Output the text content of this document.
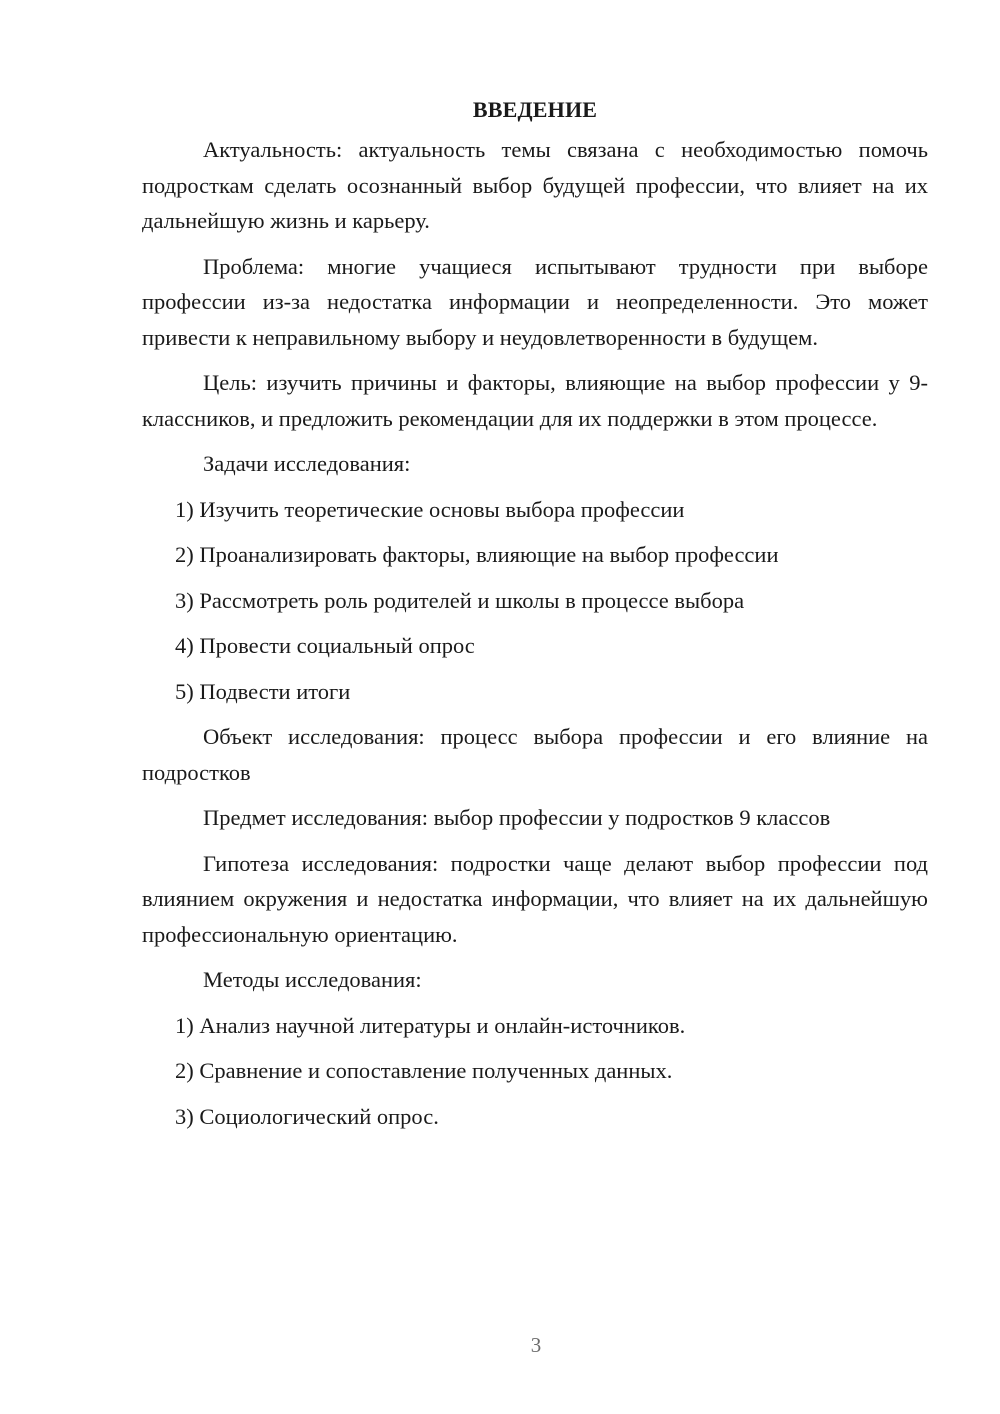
ВВЕДЕНИЕ

Актуальность: актуальность темы связана с необходимостью помочь подросткам сделать осознанный выбор будущей профессии, что влияет на их дальнейшую жизнь и карьеру.

Проблема: многие учащиеся испытывают трудности при выборе профессии из-за недостатка информации и неопределенности. Это может привести к неправильному выбору и неудовлетворенности в будущем.

Цель: изучить причины и факторы, влияющие на выбор профессии у 9-классников, и предложить рекомендации для их поддержки в этом процессе.

Задачи исследования:

1) Изучить теоретические основы выбора профессии
2) Проанализировать факторы, влияющие на выбор профессии
3) Рассмотреть роль родителей и школы в процессе выбора
4) Провести социальный опрос
5) Подвести итоги

Объект исследования: процесс выбора профессии и его влияние на подростков

Предмет исследования: выбор профессии у подростков 9 классов

Гипотеза исследования: подростки чаще делают выбор профессии под влиянием окружения и недостатка информации, что влияет на их дальнейшую профессиональную ориентацию.

Методы исследования:

1) Анализ научной литературы и онлайн-источников.
2) Сравнение и сопоставление полученных данных.
3) Социологический опрос.
3
